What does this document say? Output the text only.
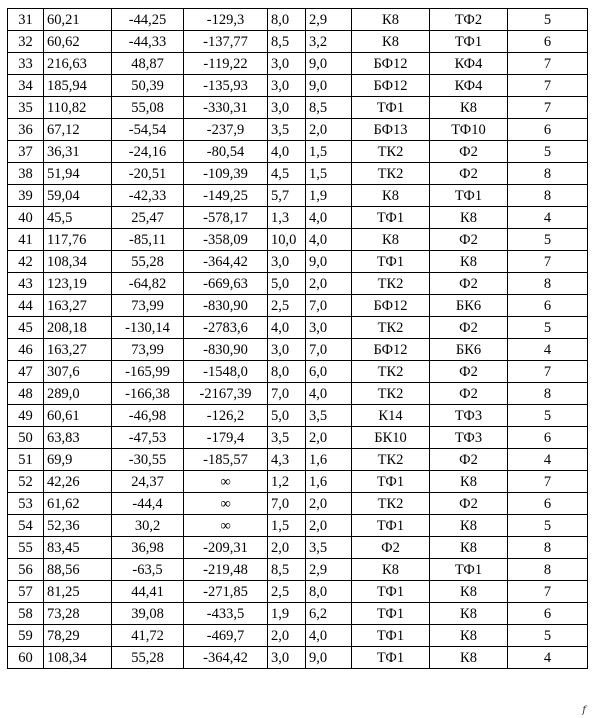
31	60,21	-44,25	-129,3	8,0	2,9	К8	ТФ2	5
32	60,62	-44,33	-137,77	8,5	3,2	К8	ТФ1	6
33	216,63	48,87	-119,22	3,0	9,0	БФ12	КФ4	7
34	185,94	50,39	-135,93	3,0	9,0	БФ12	КФ4	7
35	110,82	55,08	-330,31	3,0	8,5	ТФ1	К8	7
36	67,12	-54,54	-237,9	3,5	2,0	БФ13	ТФ10	6
37	36,31	-24,16	-80,54	4,0	1,5	ТК2	Ф2	5
38	51,94	-20,51	-109,39	4,5	1,5	ТК2	Ф2	8
39	59,04	-42,33	-149,25	5,7	1,9	К8	ТФ1	8
40	45,5	25,47	-578,17	1,3	4,0	ТФ1	К8	4
41	117,76	-85,11	-358,09	10,0	4,0	К8	Ф2	5
42	108,34	55,28	-364,42	3,0	9,0	ТФ1	К8	7
43	123,19	-64,82	-669,63	5,0	2,0	ТК2	Ф2	8
44	163,27	73,99	-830,90	2,5	7,0	БФ12	БК6	6
45	208,18	-130,14	-2783,6	4,0	3,0	ТК2	Ф2	5
46	163,27	73,99	-830,90	3,0	7,0	БФ12	БК6	4
47	307,6	-165,99	-1548,0	8,0	6,0	ТК2	Ф2	7
48	289,0	-166,38	-2167,39	7,0	4,0	ТК2	Ф2	8
49	60,61	-46,98	-126,2	5,0	3,5	К14	ТФ3	5
50	63,83	-47,53	-179,4	3,5	2,0	БК10	ТФ3	6
51	69,9	-30,55	-185,57	4,3	1,6	ТК2	Ф2	4
52	42,26	24,37	∞	1,2	1,6	ТФ1	К8	7
53	61,62	-44,4	∞	7,0	2,0	ТК2	Ф2	6
54	52,36	30,2	∞	1,5	2,0	ТФ1	К8	5
55	83,45	36,98	-209,31	2,0	3,5	Ф2	К8	8
56	88,56	-63,5	-219,48	8,5	2,9	К8	ТФ1	8
57	81,25	44,41	-271,85	2,5	8,0	ТФ1	К8	7
58	73,28	39,08	-433,5	1,9	6,2	ТФ1	К8	6
59	78,29	41,72	-469,7	2,0	4,0	ТФ1	К8	5
60	108,34	55,28	-364,42	3,0	9,0	ТФ1	К8	4
𝑓
